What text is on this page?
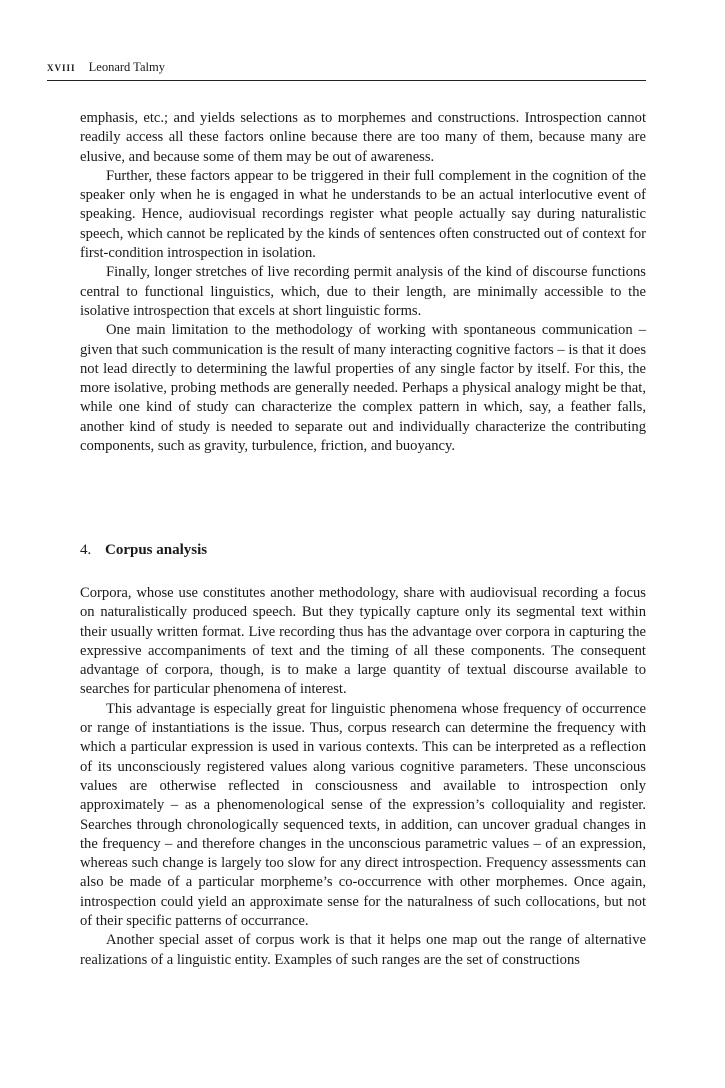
xviii Leonard Talmy

emphasis, etc.; and yields selections as to morphemes and constructions. Introspection cannot readily access all these factors online because there are too many of them, because many are elusive, and because some of them may be out of awareness.

Further, these factors appear to be triggered in their full complement in the cognition of the speaker only when he is engaged in what he understands to be an actual interlocutive event of speaking. Hence, audiovisual recordings register what people actually say during naturalistic speech, which cannot be replicated by the kinds of sentences often constructed out of context for first-condition introspection in isolation.

Finally, longer stretches of live recording permit analysis of the kind of discourse functions central to functional linguistics, which, due to their length, are minimally accessible to the isolative introspection that excels at short linguistic forms.

One main limitation to the methodology of working with spontaneous communication – given that such communication is the result of many interacting cognitive factors – is that it does not lead directly to determining the lawful properties of any single factor by itself. For this, the more isolative, probing methods are generally needed. Perhaps a physical analogy might be that, while one kind of study can characterize the complex pattern in which, say, a feather falls, another kind of study is needed to separate out and individually characterize the contributing components, such as gravity, turbulence, friction, and buoyancy.

4. Corpus analysis

Corpora, whose use constitutes another methodology, share with audiovisual recording a focus on naturalistically produced speech. But they typically capture only its segmental text within their usually written format. Live recording thus has the advantage over corpora in capturing the expressive accompaniments of text and the timing of all these components. The consequent advantage of corpora, though, is to make a large quantity of textual discourse available to searches for particular phenomena of interest.

This advantage is especially great for linguistic phenomena whose frequency of occurrence or range of instantiations is the issue. Thus, corpus research can determine the frequency with which a particular expression is used in various contexts. This can be interpreted as a reflection of its unconsciously registered values along various cognitive parameters. These unconscious values are otherwise reflected in consciousness and available to introspection only approximately – as a phenomenological sense of the expression’s colloquiality and register. Searches through chronologically sequenced texts, in addition, can uncover gradual changes in the frequency – and therefore changes in the unconscious parametric values – of an expression, whereas such change is largely too slow for any direct introspection. Frequency assessments can also be made of a particular morpheme’s co-occurrence with other morphemes. Once again, introspection could yield an approximate sense for the naturalness of such collocations, but not of their specific patterns of occurrance.

Another special asset of corpus work is that it helps one map out the range of alternative realizations of a linguistic entity. Examples of such ranges are the set of constructions
